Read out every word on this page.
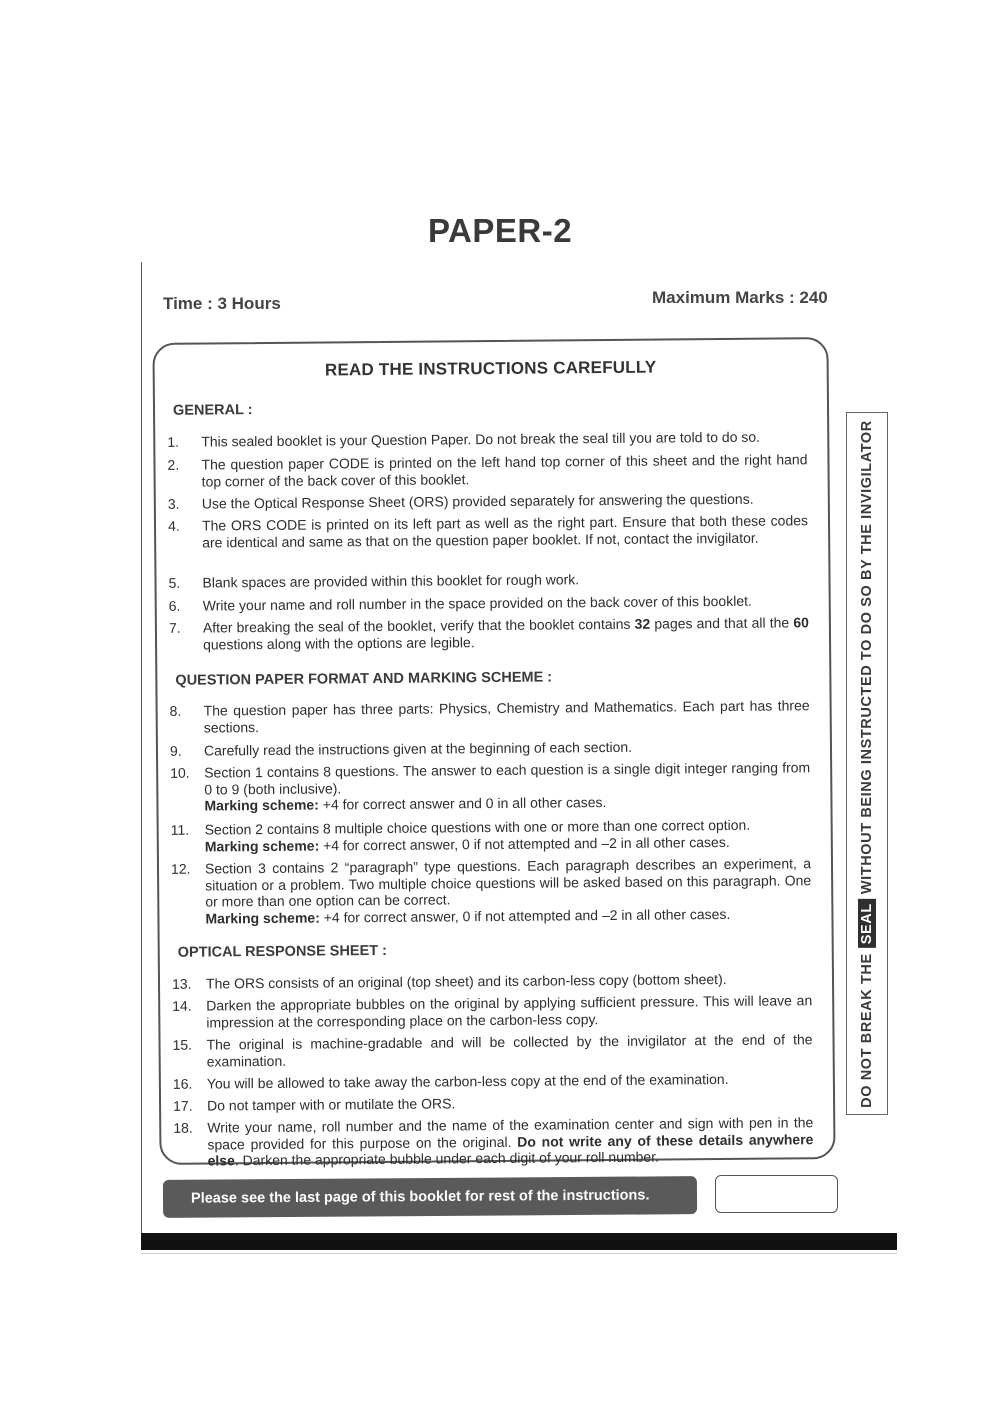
PAPER-2
Time : 3 Hours	Maximum Marks : 240
READ THE INSTRUCTIONS CAREFULLY
GENERAL :
1.	This sealed booklet is your Question Paper. Do not break the seal till you are told to do so.
2.	The question paper CODE is printed on the left hand top corner of this sheet and the right hand top corner of the back cover of this booklet.
3.	Use the Optical Response Sheet (ORS) provided separately for answering the questions.
4.	The ORS CODE is printed on its left part as well as the right part. Ensure that both these codes are identical and same as that on the question paper booklet. If not, contact the invigilator.
5.	Blank spaces are provided within this booklet for rough work.
6.	Write your name and roll number in the space provided on the back cover of this booklet.
7.	After breaking the seal of the booklet, verify that the booklet contains 32 pages and that all the 60 questions along with the options are legible.
QUESTION PAPER FORMAT AND MARKING SCHEME :
8.	The question paper has three parts: Physics, Chemistry and Mathematics. Each part has three sections.
9.	Carefully read the instructions given at the beginning of each section.
10.	Section 1 contains 8 questions. The answer to each question is a single digit integer ranging from 0 to 9 (both inclusive).
Marking scheme: +4 for correct answer and 0 in all other cases.
11.	Section 2 contains 8 multiple choice questions with one or more than one correct option.
Marking scheme: +4 for correct answer, 0 if not attempted and –2 in all other cases.
12.	Section 3 contains 2 “paragraph” type questions. Each paragraph describes an experiment, a situation or a problem. Two multiple choice questions will be asked based on this paragraph. One or more than one option can be correct.
Marking scheme: +4 for correct answer, 0 if not attempted and –2 in all other cases.
OPTICAL RESPONSE SHEET :
13.	The ORS consists of an original (top sheet) and its carbon-less copy (bottom sheet).
14.	Darken the appropriate bubbles on the original by applying sufficient pressure. This will leave an impression at the corresponding place on the carbon-less copy.
15.	The original is machine-gradable and will be collected by the invigilator at the end of the examination.
16.	You will be allowed to take away the carbon-less copy at the end of the examination.
17.	Do not tamper with or mutilate the ORS.
18.	Write your name, roll number and the name of the examination center and sign with pen in the space provided for this purpose on the original. Do not write any of these details anywhere else. Darken the appropriate bubble under each digit of your roll number.
DO NOT BREAK THESEALWITHOUT BEING INSTRUCTED TO DO SO BY THE INVIGILATOR
Please see the last page of this booklet for rest of the instructions.
